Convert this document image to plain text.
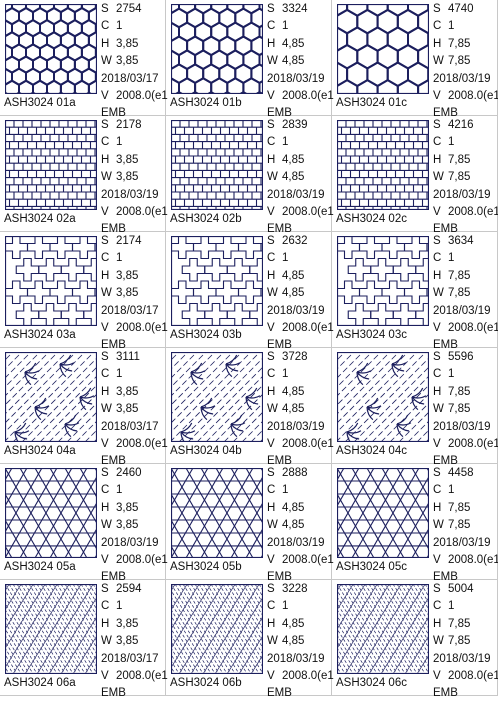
ASH3024 01a
S 2754
C 1
H 3,85
W 3,85
2018/03/17
V 2008.0(e1
EMB
ASH3024 01b
S 3324
C 1
H 4,85
W 4,85
2018/03/19
V 2008.0(e1
EMB
ASH3024 01c
S 4740
C 1
H 7,85
W 7,85
2018/03/19
V 2008.0(e1
EMB
ASH3024 02a
S 2178
C 1
H 3,85
W 3,85
2018/03/19
V 2008.0(e1
EMB
ASH3024 02b
S 2839
C 1
H 4,85
W 4,85
2018/03/19
V 2008.0(e1
EMB
ASH3024 02c
S 4216
C 1
H 7,85
W 7,85
2018/03/19
V 2008.0(e1
EMB
ASH3024 03a
S 2174
C 1
H 3,85
W 3,85
2018/03/17
V 2008.0(e1
EMB
ASH3024 03b
S 2632
C 1
H 4,85
W 4,85
2018/03/19
V 2008.0(e1
EMB
ASH3024 03c
S 3634
C 1
H 7,85
W 7,85
2018/03/19
V 2008.0(e1
EMB
ASH3024 04a
S 3111
C 1
H 3,85
W 3,85
2018/03/17
V 2008.0(e1
EMB
ASH3024 04b
S 3728
C 1
H 4,85
W 4,85
2018/03/19
V 2008.0(e1
EMB
ASH3024 04c
S 5596
C 1
H 7,85
W 7,85
2018/03/19
V 2008.0(e1
EMB
ASH3024 05a
S 2460
C 1
H 3,85
W 3,85
2018/03/19
V 2008.0(e1
EMB
ASH3024 05b
S 2888
C 1
H 4,85
W 4,85
2018/03/19
V 2008.0(e1
EMB
ASH3024 05c
S 4458
C 1
H 7,85
W 7,85
2018/03/19
V 2008.0(e1
EMB
ASH3024 06a
S 2594
C 1
H 3,85
W 3,85
2018/03/17
V 2008.0(e1
EMB
ASH3024 06b
S 3228
C 1
H 4,85
W 4,85
2018/03/19
V 2008.0(e1
EMB
ASH3024 06c
S 5004
C 1
H 7,85
W 7,85
2018/03/19
V 2008.0(e1
EMB
